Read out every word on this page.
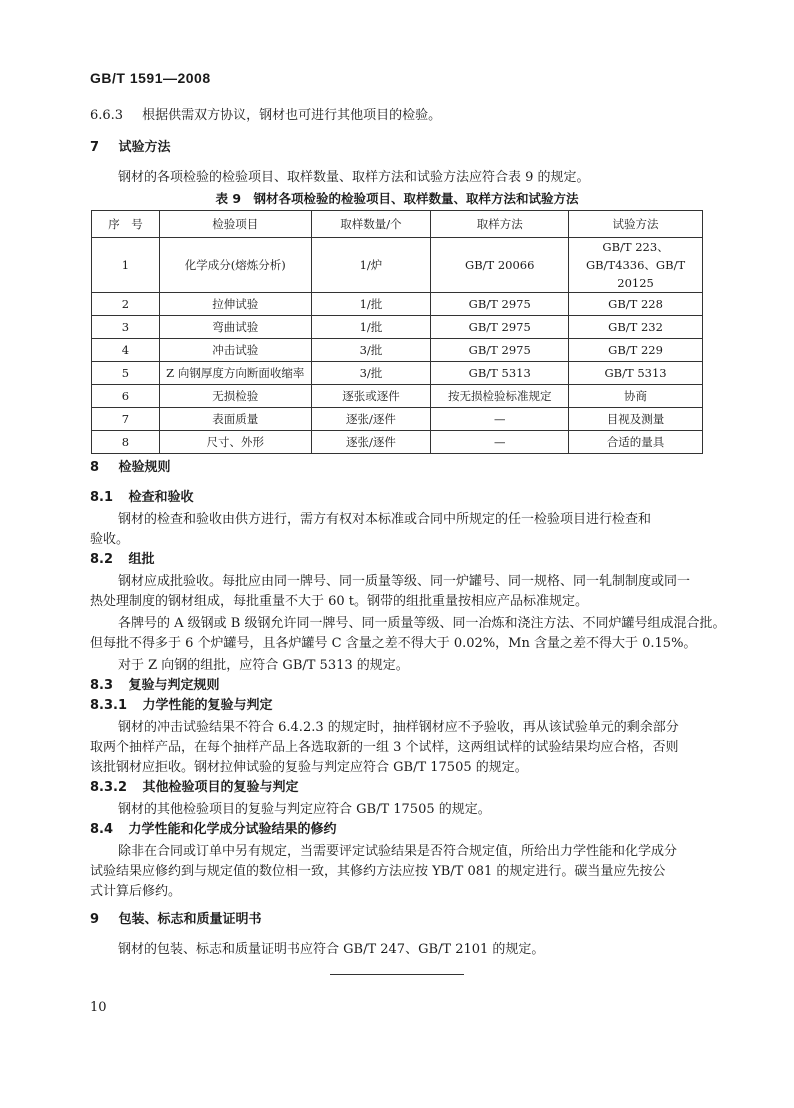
GB/T 1591—2008
6.6.3 根据供需双方协议，钢材也可进行其他项目的检验。
7 试验方法
钢材的各项检验的检验项目、取样数量、取样方法和试验方法应符合表 9 的规定。
表 9　钢材各项检验的检验项目、取样数量、取样方法和试验方法
序　号	检验项目	取样数量/个	取样方法	试验方法
1	化学成分(熔炼分析)	1/炉	GB/T 20066	GB/T 223、GB/T4336、GB/T 20125
2	拉伸试验	1/批	GB/T 2975	GB/T 228
3	弯曲试验	1/批	GB/T 2975	GB/T 232
4	冲击试验	3/批	GB/T 2975	GB/T 229
5	Z 向钢厚度方向断面收缩率	3/批	GB/T 5313	GB/T 5313
6	无损检验	逐张或逐件	按无损检验标准规定	协商
7	表面质量	逐张/逐件	—	目视及测量
8	尺寸、外形	逐张/逐件	—	合适的量具
8 检验规则
8.1 检查和验收
钢材的检查和验收由供方进行，需方有权对本标准或合同中所规定的任一检验项目进行检查和
验收。
8.2 组批
钢材应成批验收。每批应由同一牌号、同一质量等级、同一炉罐号、同一规格、同一轧制制度或同一
热处理制度的钢材组成，每批重量不大于 60 t。钢带的组批重量按相应产品标准规定。
各牌号的 A 级钢或 B 级钢允许同一牌号、同一质量等级、同一冶炼和浇注方法、不同炉罐号组成混合批。
但每批不得多于 6 个炉罐号，且各炉罐号 C 含量之差不得大于 0.02%，Mn 含量之差不得大于 0.15%。
对于 Z 向钢的组批，应符合 GB/T 5313 的规定。
8.3 复验与判定规则
8.3.1 力学性能的复验与判定
钢材的冲击试验结果不符合 6.4.2.3 的规定时，抽样钢材应不予验收，再从该试验单元的剩余部分
取两个抽样产品，在每个抽样产品上各选取新的一组 3 个试样，这两组试样的试验结果均应合格，否则
该批钢材应拒收。钢材拉伸试验的复验与判定应符合 GB/T 17505 的规定。
8.3.2 其他检验项目的复验与判定
钢材的其他检验项目的复验与判定应符合 GB/T 17505 的规定。
8.4 力学性能和化学成分试验结果的修约
除非在合同或订单中另有规定，当需要评定试验结果是否符合规定值，所给出力学性能和化学成分
试验结果应修约到与规定值的数位相一致，其修约方法应按 YB/T 081 的规定进行。碳当量应先按公
式计算后修约。
9 包装、标志和质量证明书
钢材的包装、标志和质量证明书应符合 GB/T 247、GB/T 2101 的规定。
10
